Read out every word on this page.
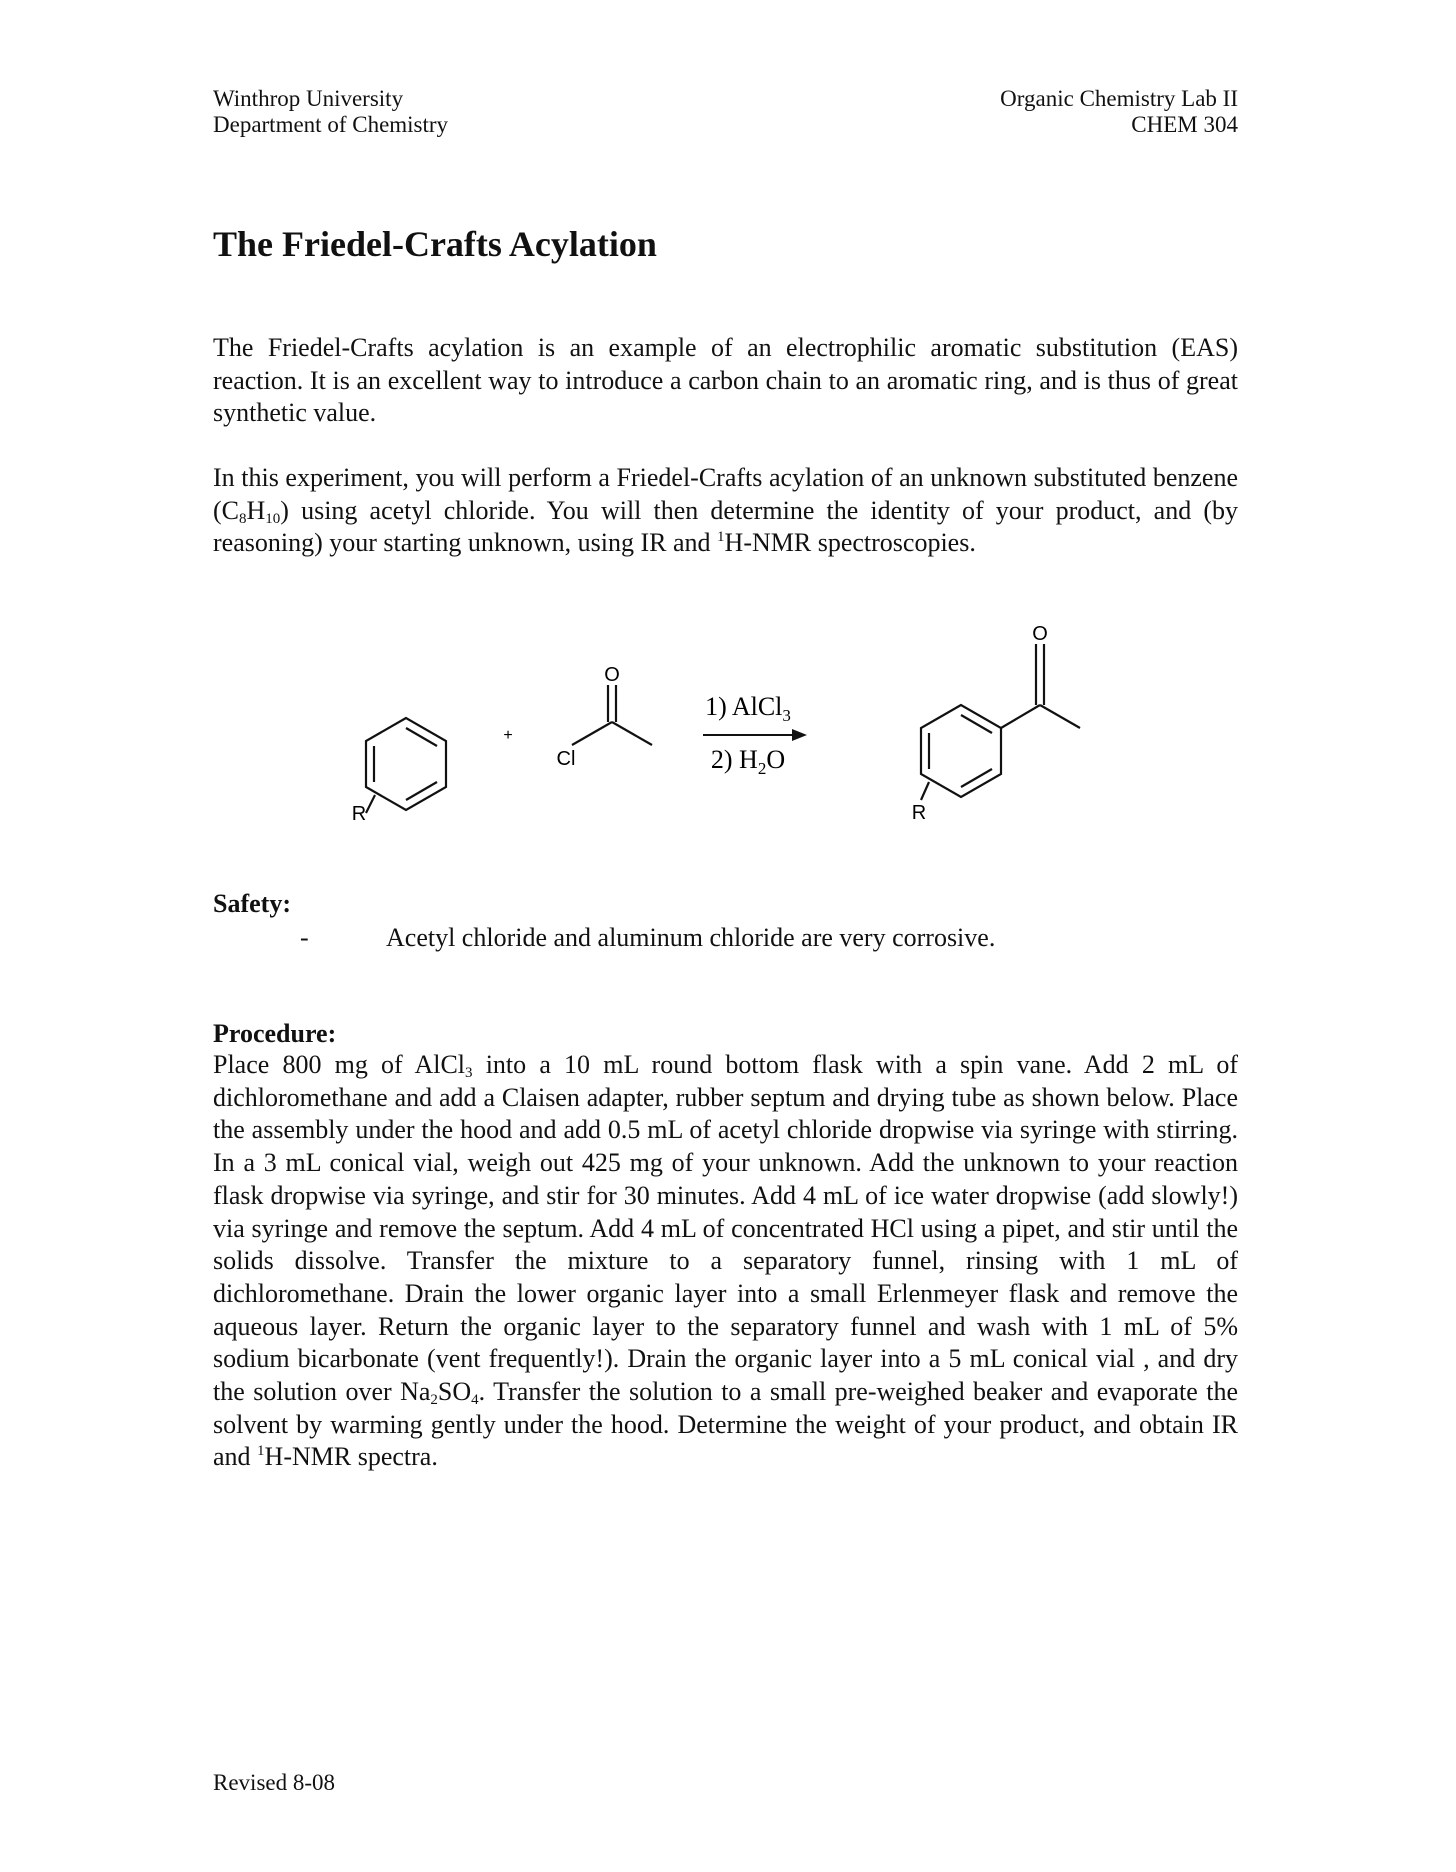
Winthrop University
Department of Chemistry
Organic Chemistry Lab II
CHEM 304
The Friedel-Crafts Acylation

The Friedel-Crafts acylation is an example of an electrophilic aromatic substitution (EAS) reaction. It is an excellent way to introduce a carbon chain to an aromatic ring, and is thus of great synthetic value.

In this experiment, you will perform a Friedel-Crafts acylation of an unknown substituted benzene $(C_8H_{10})$ using acetyl chloride. You will then determine the identity of your product, and (by reasoning) your starting unknown, using IR and $^1$H-NMR spectroscopies.

R
+
Cl
O
1) AlCl$_3$
2) $H_2O$
R
O
Safety:
-	Acetyl chloride and aluminum chloride are very corrosive.
Procedure:

Place 800 mg of AlCl$_3$ into a 10 mL round bottom flask with a spin vane. Add 2 mL of dichloromethane and add a Claisen adapter, rubber septum and drying tube as shown below. Place the assembly under the hood and add 0.5 mL of acetyl chloride dropwise via syringe with stirring. In a 3 mL conical vial, weigh out 425 mg of your unknown. Add the unknown to your reaction flask dropwise via syringe, and stir for 30 minutes. Add 4 mL of ice water dropwise (add slowly!) via syringe and remove the septum. Add 4 mL of concentrated HCl using a pipet, and stir until the solids dissolve. Transfer the mixture to a separatory funnel, rinsing with 1 mL of dichloromethane. Drain the lower organic layer into a small Erlenmeyer flask and remove the aqueous layer. Return the organic layer to the separatory funnel and wash with 1 mL of 5% sodium bicarbonate (vent frequently!). Drain the organic layer into a 5 mL conical vial , and dry the solution over $Na_2SO_4$. Transfer the solution to a small pre-weighed beaker and evaporate the solvent by warming gently under the hood. Determine the weight of your product, and obtain IR and $^1$H-NMR spectra.

Revised 8-08
